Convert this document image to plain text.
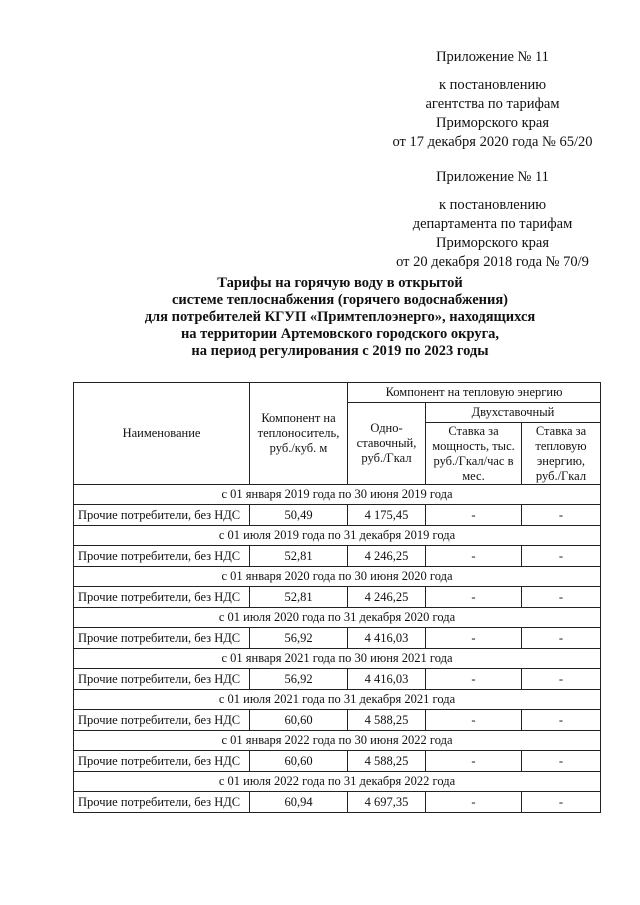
Приложение № 11
к постановлению
агентства по тарифам
Приморского края
от 17 декабря 2020 года № 65/20
Приложение № 11
к постановлению
департамента по тарифам
Приморского края
от 20 декабря 2018 года № 70/9
Тарифы на горячую воду в открытой
системе теплоснабжения (горячего водоснабжения)
для потребителей КГУП «Примтеплоэнерго», находящихся
на территории Артемовского городского округа,
на период регулирования с 2019 по 2023 годы
Наименование	Компонент на теплоноситель, руб./куб. м	Компонент на тепловую энергию		
		Одно-ставочный, руб./Гкал	Двухставочный	
			Ставка за мощность, тыс. руб./Гкал/час в мес.	Ставка за тепловую энергию, руб./Гкал
с 01 января 2019 года по 30 июня 2019 года				
Прочие потребители, без НДС	50,49	4 175,45	-	-
с 01 июля 2019 года по 31 декабря 2019 года				
Прочие потребители, без НДС	52,81	4 246,25	-	-
с 01 января 2020 года по 30 июня 2020 года				
Прочие потребители, без НДС	52,81	4 246,25	-	-
с 01 июля 2020 года по 31 декабря 2020 года				
Прочие потребители, без НДС	56,92	4 416,03	-	-
с 01 января 2021 года по 30 июня 2021 года				
Прочие потребители, без НДС	56,92	4 416,03	-	-
с 01 июля 2021 года по 31 декабря 2021 года				
Прочие потребители, без НДС	60,60	4 588,25	-	-
с 01 января 2022 года по 30 июня 2022 года				
Прочие потребители, без НДС	60,60	4 588,25	-	-
с 01 июля 2022 года по 31 декабря 2022 года				
Прочие потребители, без НДС	60,94	4 697,35	-	-
